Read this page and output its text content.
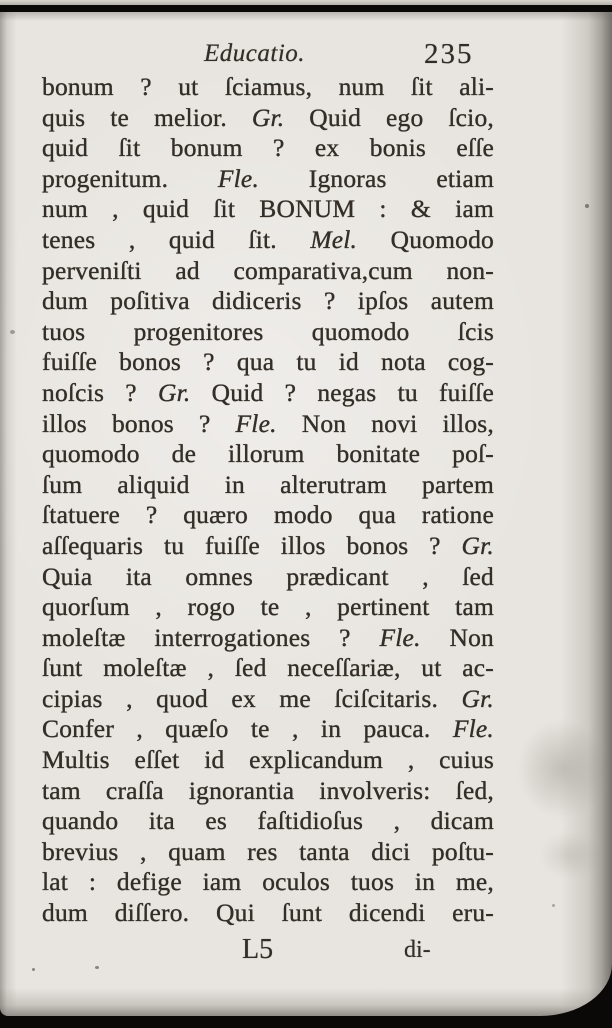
Educatio.	235
bonum ? ut ſciamus, num ſit ali-
quis te melior. Gr. Quid ego ſcio,
quid ſit bonum ? ex bonis eſſe
progenitum. Fle. Ignoras etiam
num , quid ſit BONUM : & iam
tenes , quid ſit. Mel. Quomodo
perveniſti ad comparativa,cum non-
dum poſitiva didiceris ? ipſos autem
tuos progenitores quomodo ſcis
fuiſſe bonos ? qua tu id nota cog-
noſcis ? Gr. Quid ? negas tu fuiſſe
illos bonos ? Fle. Non novi illos,
quomodo de illorum bonitate poſ-
ſum aliquid in alterutram partem
ſtatuere ? quæro modo qua ratione
aſſequaris tu fuiſſe illos bonos ? Gr.
Quia ita omnes prædicant , ſed
quorſum , rogo te , pertinent tam
moleſtæ interrogationes ? Fle. Non
ſunt moleſtæ , ſed neceſſariæ, ut ac-
cipias , quod ex me ſciſcitaris. Gr.
Confer , quæſo te , in pauca. Fle.
Multis eſſet id explicandum , cuius
tam craſſa ignorantia involveris: ſed,
quando ita es faſtidioſus , dicam
brevius , quam res tanta dici poſtu-
lat : defige iam oculos tuos in me,
dum diſſero. Qui ſunt dicendi eru-
L5	di-
